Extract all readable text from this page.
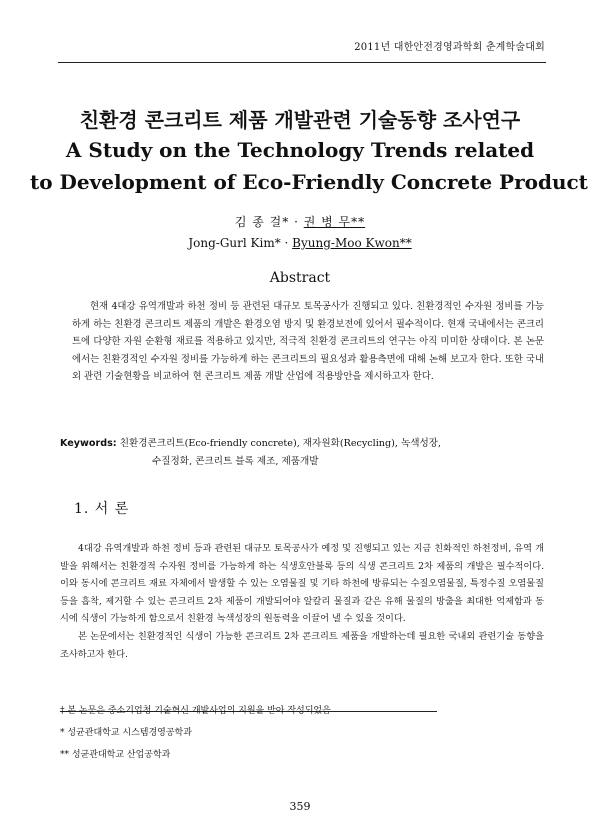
2011년 대한안전경영과학회 춘계학술대회
친환경 콘크리트 제품 개발관련 기술동향 조사연구
A Study on the Technology Trends related
to Development of Eco-Friendly Concrete Product
김 종 걸* · 권 병 무**
Jong-Gurl Kim* · Byung-Moo Kwon**
Abstract

현재 4대강 유역개발과 하천 정비 등 관련된 대규모 토목공사가 진행되고 있다. 친환경적인 수자원 정비를 가능하게 하는 친환경 콘크리트 제품의 개발은 환경오염 방지 및 환경보전에 있어서 필수적이다. 현재 국내에서는 콘크리트에 다양한 자원 순환형 재료를 적용하고 있지만, 적극적 친환경 콘크리트의 연구는 아직 미미한 상태이다. 본 논문에서는 친환경적인 수자원 정비를 가능하게 하는 콘크리트의 필요성과 활용측면에 대해 논해 보고자 한다. 또한 국내외 관련 기술현황을 비교하여 현 콘크리트 제품 개발 산업에 적용방안을 제시하고자 한다.

Keywords: 친환경콘크리트(Eco-friendly concrete), 재자원화(Recycling), 녹색성장,
수질정화, 콘크리트 블록 제조, 제품개발
1. 서 론

4대강 유역개발과 하천 정비 등과 관련된 대규모 토목공사가 예정 및 진행되고 있는 지금 친화적인 하천정비, 유역 개발을 위해서는 친환경적 수자원 정비를 가능하게 하는 식생호안블록 등의 식생 콘크리트 2차 제품의 개발은 필수적이다. 이와 동시에 콘크리트 재료 자체에서 발생할 수 있는 오염물질 및 기타 하천에 방류되는 수질오염물질, 특정수질 오염물질 등을 흡착, 제거할 수 있는 콘크리트 2차 제품이 개발되어야 알칼리 물질과 같은 유해 물질의 방출을 최대한 억제함과 동시에 식생이 가능하게 함으로서 친환경 녹색성장의 원동력을 이끌어 낼 수 있을 것이다.

본 논문에서는 친환경적인 식생이 가능한 콘크리트 2차 콘크리트 제품을 개발하는데 필요한 국내외 관련기술 동향을 조사하고자 한다.

† 본 논문은 중소기업청 기술혁신 개발사업의 지원을 받아 작성되었음
* 성균관대학교 시스템경영공학과
** 성균관대학교 산업공학과
359
